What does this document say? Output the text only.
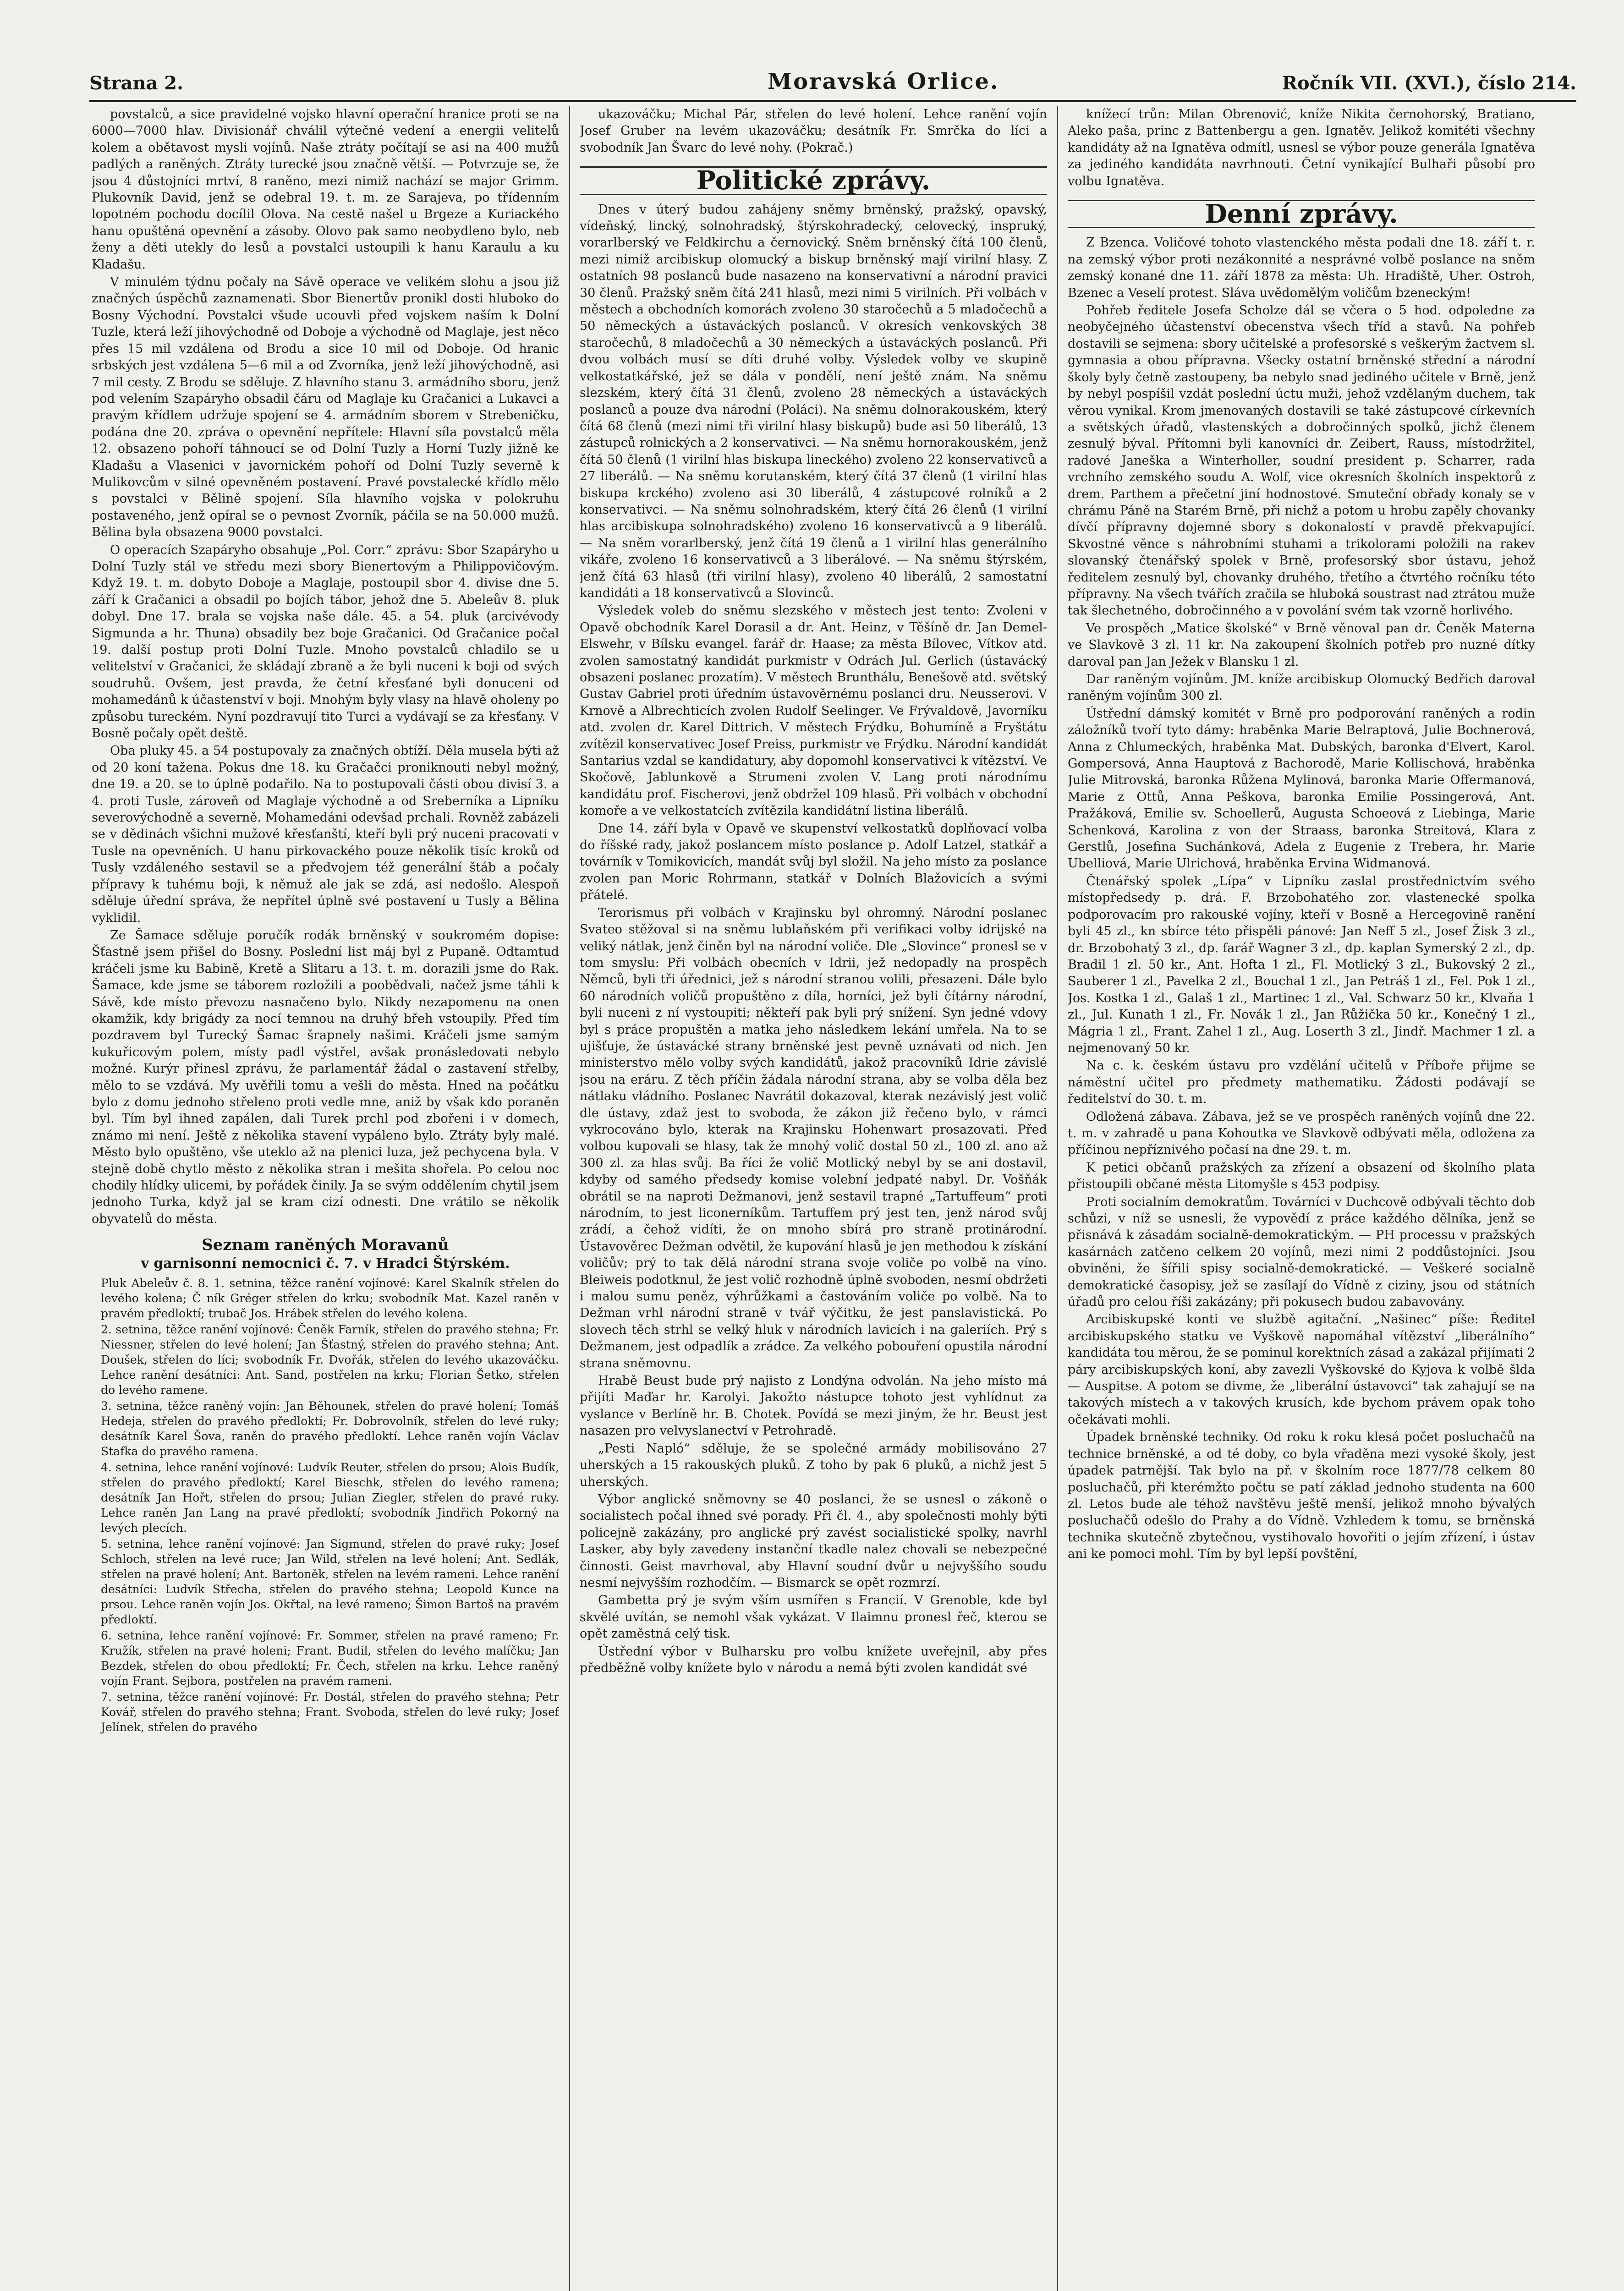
Strana 2.	Moravská Orlice.	Ročník VII. (XVI.), číslo 214.

povstalců, a sice pravidelné vojsko hlavní operační hranice proti se na 6000—7000 hlav. Divisionář chválil výtečné vedení a energii velitelů kolem a obětavost mysli vojínů. Naše ztráty počítají se asi na 400 mužů padlých a raněných. Ztráty turecké jsou značně větší. — Potvrzuje se, že jsou 4 důstojníci mrtví, 8 raněno, mezi nimiž nachází se major Grimm. Plukovník David, jenž se odebral 19. t. m. ze Sarajeva, po třídenním lopotném pochodu docílil Olova. Na cestě našel u Brgeze a Kuriackého hanu opuštěná opevnění a zásoby. Olovo pak samo neobydleno bylo, neb ženy a děti utekly do lesů a povstalci ustoupili k hanu Karaulu a ku Kladašu.

V minulém týdnu počaly na Sávě operace ve velikém slohu a jsou již značných úspěchů zaznamenati. Sbor Bienertův pronikl dosti hluboko do Bosny Východní. Povstalci všude ucouvli před vojskem naším k Dolní Tuzle, která leží jihovýchodně od Doboje a východně od Maglaje, jest něco přes 15 mil vzdálena od Brodu a sice 10 mil od Doboje. Od hranic srbských jest vzdálena 5—6 mil a od Zvorníka, jenž leží jihovýchodně, asi 7 mil cesty. Z Brodu se sděluje. Z hlavního stanu 3. armádního sboru, jenž pod velením Szapáryho obsadil čáru od Maglaje ku Gračanici a Lukavci a pravým křídlem udržuje spojení se 4. armádním sborem v Strebeničku, podána dne 20. zpráva o opevnění nepřítele: Hlavní síla povstalců měla 12. obsazeno pohoří táhnoucí se od Dolní Tuzly a Horní Tuzly jižně ke Kladašu a Vlasenici v javornickém pohoří od Dolní Tuzly severně k Mulikovcům v silné opevněném postavení. Pravé povstalecké křídlo mělo s povstalci v Bělině spojení. Síla hlavního vojska v polokruhu postaveného, jenž opíral se o pevnost Zvorník, páčila se na 50.000 mužů. Bělina byla obsazena 9000 povstalci.

O operacích Szapáryho obsahuje „Pol. Corr.“ zprávu: Sbor Szapáryho u Dolní Tuzly stál ve středu mezi sbory Bienertovým a Philippovičovým. Když 19. t. m. dobyto Doboje a Maglaje, postoupil sbor 4. divise dne 5. září k Gračanici a obsadil po bojích tábor, jehož dne 5. Abeleův 8. pluk dobyl. Dne 17. brala se vojska naše dále. 45. a 54. pluk (arcivévody Sigmunda a hr. Thuna) obsadily bez boje Gračanici. Od Gračanice počal 19. další postup proti Dolní Tuzle. Mnoho povstalců chladilo se u velitelství v Gračanici, že skládají zbraně a že byli nuceni k boji od svých soudruhů. Ovšem, jest pravda, že četní křesťané byli donuceni od mohamedánů k účastenství v boji. Mnohým byly vlasy na hlavě oholeny po způsobu tureckém. Nyní pozdravují tito Turci a vydávají se za křesťany. V Bosně počaly opět deště.

Oba pluky 45. a 54 postupovaly za značných obtíží. Děla musela býti až od 20 koní tažena. Pokus dne 18. ku Gračačci proniknouti nebyl možný, dne 19. a 20. se to úplně podařilo. Na to postupovali části obou divisí 3. a 4. proti Tusle, zároveň od Maglaje východně a od Sreberníka a Lipníku severovýchodně a severně. Mohamedáni odevšad prchali. Rovněž zabázeli se v dědinách všichni mužové křesťanští, kteří byli prý nuceni pracovati v Tusle na opevněních. U hanu pirkovackého pouze několik tisíc kroků od Tusly vzdáleného sestavil se a předvojem též generální štáb a počaly přípravy k tuhému boji, k němuž ale jak se zdá, asi nedošlo. Alespoň sděluje úřední správa, že nepřítel úplně své postavení u Tusly a Bělina vyklidil.

Ze Šamace sděluje poručík rodák brněnský v soukromém dopise: Šťastně jsem přišel do Bosny. Poslední list máj byl z Pupaně. Odtamtud kráčeli jsme ku Babině, Kretě a Slitaru a 13. t. m. dorazili jsme do Rak. Šamace, kde jsme se táborem rozložili a poobědvali, načež jsme táhli k Sávě, kde místo převozu nasnačeno bylo. Nikdy nezapomenu na onen okamžik, kdy brigády za nocí temnou na druhý břeh vstoupily. Před tím pozdravem byl Turecký Šamac šrapnely našimi. Kráčeli jsme samým kukuřicovým polem, místy padl výstřel, avšak pronásledovati nebylo možné. Kurýr přinesl zprávu, že parlamentář žádal o zastavení střelby, mělo to se vzdává. My uvěřili tomu a vešli do města. Hned na počátku bylo z domu jednoho střeleno proti vedle mne, aniž by však kdo poraněn byl. Tím byl ihned zapálen, dali Turek prchl pod zbořeni i v domech, známo mi není. Ještě z několika stavení vypáleno bylo. Ztráty byly malé. Město bylo opuštěno, vše uteklo až na plenici luza, jež pechycena byla. V stejně době chytlo město z několika stran i mešita shořela. Po celou noc chodily hlídky ulicemi, by pořádek činily. Ja se svým oddělením chytil jsem jednoho Turka, když jal se kram cizí odnesti. Dne vrátilo se několik obyvatelů do města.

Seznam raněných Moravanů
v garnisonní nemocnici č. 7. v Hradci Štýrském.

Pluk Abeleův č. 8. 1. setnina, těžce ranění vojínové: Karel Skalník střelen do levého kolena; Č ník Gréger střelen do krku; svobodník Mat. Kazel raněn v pravém předloktí; trubač Jos. Hrábek střelen do levého kolena.

2. setnina, těžce ranění vojínové: Čeněk Farník, střelen do pravého stehna; Fr. Niessner, střelen do levé holení; Jan Šťastný, střelen do pravého stehna; Ant. Doušek, střelen do líci; svobodník Fr. Dvořák, střelen do levého ukazováčku. Lehce ranění desátníci: Ant. Sand, postřelen na krku; Florian Šetko, střelen do levého ramene.

3. setnina, těžce raněný vojín: Jan Běhounek, střelen do pravé holení; Tomáš Hedeja, střelen do pravého předloktí; Fr. Dobrovolník, střelen do levé ruky; desátník Karel Šova, raněn do pravého předloktí. Lehce raněn vojín Václav Stafka do pravého ramena.

4. setnina, lehce ranění vojínové: Ludvík Reuter, střelen do prsou; Alois Budík, střelen do pravého předloktí; Karel Bieschk, střelen do levého ramena; desátník Jan Hořt, střelen do prsou; Julian Ziegler, střelen do pravé ruky. Lehce raněn Jan Lang na pravé předloktí; svobodník Jindřich Pokorný na levých plecích.

5. setnina, lehce ranění vojínové: Jan Sigmund, střelen do pravé ruky; Josef Schloch, střelen na levé ruce; Jan Wild, střelen na levé holení; Ant. Sedlák, střelen na pravé holení; Ant. Bartoněk, střelen na levém rameni. Lehce ranění desátníci: Ludvík Střecha, střelen do pravého stehna; Leopold Kunce na prsou. Lehce raněn vojín Jos. Okřtal, na levé rameno; Šimon Bartoš na pravém předloktí.

6. setnina, lehce ranění vojínové: Fr. Sommer, střelen na pravé rameno; Fr. Kružík, střelen na pravé holeni; Frant. Budil, střelen do levého malíčku; Jan Bezdek, střelen do obou předloktí; Fr. Čech, střelen na krku. Lehce raněný vojín Frant. Sejbora, postřelen na pravém rameni.

7. setnina, těžce ranění vojínové: Fr. Dostál, střelen do pravého stehna; Petr Kovář, střelen do pravého stehna; Frant. Svoboda, střelen do levé ruky; Josef Jelínek, střelen do pravého

ukazováčku; Michal Pár, střelen do levé holení. Lehce ranění vojín Josef Gruber na levém ukazováčku; desátník Fr. Smrčka do líci a svobodník Jan Švarc do levé nohy. (Pokrač.)

Politické zprávy.

Dnes v úterý budou zahájeny sněmy brněnský, pražský, opavský, vídeňský, lincký, solnohradský, štýrskohradecký, celovecký, inspruký, vorarlberský ve Feldkirchu a černovický. Sněm brněnský čítá 100 členů, mezi nimiž arcibiskup olomucký a biskup brněnský mají virilní hlasy. Z ostatních 98 poslanců bude nasazeno na konservativní a národní pravici 30 členů. Pražský sněm čítá 241 hlasů, mezi nimi 5 virilních. Při volbách v městech a obchodních komorách zvoleno 30 staročechů a 5 mladočechů a 50 německých a ústaváckých poslanců. V okresích venkovských 38 staročechů, 8 mladočechů a 30 německých a ústaváckých poslanců. Při dvou volbách musí se díti druhé volby. Výsledek volby ve skupině velkostatkářské, jež se dála v pondělí, není ještě znám. Na sněmu slezském, který čítá 31 členů, zvoleno 28 německých a ústaváckých poslanců a pouze dva národní (Poláci). Na sněmu dolnorakouském, který čítá 68 členů (mezi nimi tři virilní hlasy biskupů) bude asi 50 liberálů, 13 zástupců rolnických a 2 konservativci. — Na sněmu hornorakouském, jenž čítá 50 členů (1 virilní hlas biskupa lineckého) zvoleno 22 konservativců a 27 liberálů. — Na sněmu korutanském, který čítá 37 členů (1 virilní hlas biskupa krckého) zvoleno asi 30 liberálů, 4 zástupcové rolníků a 2 konservativci. — Na sněmu solnohradském, který čítá 26 členů (1 virilní hlas arcibiskupa solnohradského) zvoleno 16 konservativců a 9 liberálů. — Na sněm vorarlberský, jenž čítá 19 členů a 1 virilní hlas generálního vikáře, zvoleno 16 konservativců a 3 liberálové. — Na sněmu štýrském, jenž čítá 63 hlasů (tři virilní hlasy), zvoleno 40 liberálů, 2 samostatní kandidáti a 18 konservativců a Slovinců.

Výsledek voleb do sněmu slezského v městech jest tento: Zvoleni v Opavě obchodník Karel Dorasil a dr. Ant. Heinz, v Těšíně dr. Jan Demel-Elswehr, v Bílsku evangel. farář dr. Haase; za města Bílovec, Vítkov atd. zvolen samostatný kandidát purkmistr v Odrách Jul. Gerlich (ústavácký obsazeni poslanec prozatím). V městech Brunthálu, Benešově atd. světský Gustav Gabriel proti úředním ústavověrnému poslanci dru. Neusserovi. V Krnově a Albrechticích zvolen Rudolf Seelinger. Ve Frývaldově, Javorníku atd. zvolen dr. Karel Dittrich. V městech Frýdku, Bohumíně a Fryštátu zvítězil konservativec Josef Preiss, purkmistr ve Frýdku. Národní kandidát Santarius vzdal se kandidatury, aby dopomohl konservativci k vítězství. Ve Skočově, Jablunkově a Strumeni zvolen V. Lang proti národnímu kandidátu prof. Fischerovi, jenž obdržel 109 hlasů. Při volbách v obchodní komoře a ve velkostatcích zvítězila kandidátní listina liberálů.

Dne 14. září byla v Opavě ve skupenství velkostatků doplňovací volba do říšské rady, jakož poslancem místo poslance p. Adolf Latzel, statkář a továrník v Tomikovicích, mandát svůj byl složil. Na jeho místo za poslance zvolen pan Moric Rohrmann, statkář v Dolních Blažovicích a svými přátelé.

Terorismus při volbách v Krajinsku byl ohromný. Národní poslanec Svateo stěžoval si na sněmu lublaňském při verifikaci volby idrijské na veliký nátlak, jenž činěn byl na národní voliče. Dle „Slovince“ pronesl se v tom smyslu: Při volbách obecních v Idrii, jež nedopadly na prospěch Němců, byli tři úřednici, jež s národní stranou volili, přesazeni. Dále bylo 60 národních voličů propuštěno z díla, horníci, jež byli čítárny národní, byli nuceni z ní vystoupiti; někteří pak byli prý snížení. Syn jedné vdovy byl s práce propuštěn a matka jeho následkem lekání umřela. Na to se ujišťuje, že ústavácké strany brněnské jest pevně uznávati od nich. Jen ministerstvo mělo volby svých kandidátů, jakož pracovníků Idrie závislé jsou na eráru. Z těch příčin žádala národní strana, aby se volba děla bez nátlaku vládního. Poslanec Navrátil dokazoval, kterak nezávislý jest volič dle ústavy, zdaž jest to svoboda, že zákon již řečeno bylo, v rámci vykrocováno bylo, kterak na Krajinsku Hohenwart prosazovati. Před volbou kupovali se hlasy, tak že mnohý volič dostal 50 zl., 100 zl. ano až 300 zl. za hlas svůj. Ba říci že volič Motlický nebyl by se ani dostavil, kdyby od samého předsedy komise volební jedpaté nabyl. Dr. Vošňák obrátil se na naproti Dežmanovi, jenž sestavil trapné „Tartuffeum“ proti národním, to jest liconerníkům. Tartuffem prý jest ten, jenž národ svůj zrádí, a čehož vidíti, že on mnoho sbírá pro straně protinárodní. Ústavověrec Dežman odvětil, že kupování hlasů je jen methodou k získání voličův; prý to tak dělá národní strana svoje voliče po volbě na víno. Bleiweis podotknul, že jest volič rozhodně úplně svoboden, nesmí obdržeti i malou sumu peněz, výhrůžkami a častováním voliče po volbě. Na to Dežman vrhl národní straně v tvář výčitku, že jest panslavistická. Po slovech těch strhl se velký hluk v národních lavicích i na galeriích. Prý s Dežmanem, jest odpadlík a zrádce. Za velkého pobouření opustila národní strana sněmovnu.

Hrabě Beust bude prý najisto z Londýna odvolán. Na jeho místo má přijíti Maďar hr. Karolyi. Jakožto nástupce tohoto jest vyhlídnut za vyslance v Berlíně hr. B. Chotek. Povídá se mezi jiným, že hr. Beust jest nasazen pro velvyslanectví v Petrohradě.

„Pesti Napló“ sděluje, že se společné armády mobilisováno 27 uherských a 15 rakouských pluků. Z toho by pak 6 pluků, a nichž jest 5 uherských.

Výbor anglické sněmovny se 40 poslanci, že se usnesl o zákoně o socialistech počal ihned své porady. Při čl. 4., aby společnosti mohly býti policejně zakázány, pro anglické prý zavést socialistické spolky, navrhl Lasker, aby byly zavedeny instanční tkadle nalez chovali se nebezpečné činnosti. Geist mavrhoval, aby Hlavní soudní dvůr u nejvyššího soudu nesmí nejvyšším rozhodčím. — Bismarck se opět rozmrzí.

Gambetta prý je svým vším usmířen s Francií. V Grenoble, kde byl skvělé uvítán, se nemohl však vykázat. V Ilaimnu pronesl řeč, kterou se opět zaměstná celý tisk.

Ústřední výbor v Bulharsku pro volbu knížete uveřejnil, aby přes předběžně volby knížete bylo v národu a nemá býti zvolen kandidát své

knížecí trůn: Milan Obrenović, kníže Nikita černohorský, Bratiano, Aleko paša, princ z Battenbergu a gen. Ignatěv. Jelikož komitéti všechny kandidáty až na Ignatěva odmítl, usnesl se výbor pouze generála Ignatěva za jediného kandidáta navrhnouti. Četní vynikající Bulhaři působí pro volbu Ignatěva.

Denní zprávy.

Z Bzenca. Voličové tohoto vlastenckého města podali dne 18. září t. r. na zemský výbor proti nezákonnité a nesprávné volbě poslance na sněm zemský konané dne 11. září 1878 za města: Uh. Hradiště, Uher. Ostroh, Bzenec a Veselí protest. Sláva uvědomělým voličům bzeneckým!

Pohřeb ředitele Josefa Scholze dál se včera o 5 hod. odpoledne za neobyčejného účastenství obecenstva všech tříd a stavů. Na pohřeb dostavili se sejmena: sbory učitelské a profesorské s veškerým žactvem sl. gymnasia a obou přípravna. Všecky ostatní brněnské střední a národní školy byly četně zastoupeny, ba nebylo snad jediného učitele v Brně, jenž by nebyl pospíšil vzdát poslední úctu muži, jehož vzdělaným duchem, tak věrou vynikal. Krom jmenovaných dostavili se také zástupcové církevních a světských úřadů, vlastenských a dobročinných spolků, jichž členem zesnulý býval. Přítomni byli kanovníci dr. Zeibert, Rauss, místodržitel, radové Janeška a Winterholler, soudní president p. Scharrer, rada vrchního zemského soudu A. Wolf, vice okresních školních inspektorů z drem. Parthem a přečetní jiní hodnostové. Smuteční obřady konaly se v chrámu Páně na Starém Brně, při nichž a potom u hrobu zapěly chovanky dívčí přípravny dojemné sbory s dokonalostí v pravdě překvapující. Skvostné věnce s náhrobními stuhami a trikolorami položili na rakev slovanský čtenářský spolek v Brně, profesorský sbor ústavu, jehož ředitelem zesnulý byl, chovanky druhého, třetího a čtvrtého ročníku této přípravny. Na všech tvářích zračila se hluboká soustrast nad ztrátou muže tak šlechetného, dobročinného a v povolání svém tak vzorně horlivého.

Ve prospěch „Matice školské“ v Brně věnoval pan dr. Čeněk Materna ve Slavkově 3 zl. 11 kr. Na zakoupení školních potřeb pro nuzné dítky daroval pan Jan Ježek v Blansku 1 zl.

Dar raněným vojínům. JM. kníže arcibiskup Olomucký Bedřich daroval raněným vojínům 300 zl.

Ústřední dámský komitét v Brně pro podporování raněných a rodin záložníků tvoří tyto dámy: hraběnka Marie Belraptová, Julie Bochnerová, Anna z Chlumeckých, hraběnka Mat. Dubských, baronka d'Elvert, Karol. Gompersová, Anna Hauptová z Bachorodě, Marie Kollischová, hraběnka Julie Mitrovská, baronka Růžena Mylinová, baronka Marie Offermanová, Marie z Ottů, Anna Peškova, baronka Emilie Possingerová, Ant. Pražáková, Emilie sv. Schoellerů, Augusta Schoeová z Liebinga, Marie Schenková, Karolina z von der Straass, baronka Streitová, Klara z Gerstlů, Josefina Suchánková, Adela z Eugenie z Trebera, hr. Marie Ubelliová, Marie Ulrichová, hraběnka Ervina Widmanová.

Čtenářský spolek „Lípa“ v Lipníku zaslal prostřednictvím svého místopředsedy p. drá. F. Brzobohatého zor. vlastenecké spolka podporovacím pro rakouské vojíny, kteří v Bosně a Hercegovině ranění byli 45 zl., kn sbírce této přispěli pánové: Jan Neff 5 zl., Josef Žisk 3 zl., dr. Brzobohatý 3 zl., dp. farář Wagner 3 zl., dp. kaplan Symerský 2 zl., dp. Bradil 1 zl. 50 kr., Ant. Hofta 1 zl., Fl. Motlický 3 zl., Bukovský 2 zl., Sauberer 1 zl., Pavelka 2 zl., Bouchal 1 zl., Jan Petráš 1 zl., Fel. Pok 1 zl., Jos. Kostka 1 zl., Galaš 1 zl., Martinec 1 zl., Val. Schwarz 50 kr., Klvaňa 1 zl., Jul. Kunath 1 zl., Fr. Novák 1 zl., Jan Růžička 50 kr., Konečný 1 zl., Mágria 1 zl., Frant. Zahel 1 zl., Aug. Loserth 3 zl., Jindř. Machmer 1 zl. a nejmenovaný 50 kr.

Na c. k. českém ústavu pro vzdělání učitelů v Příboře přijme se náměstní učitel pro předmety mathematiku. Žádosti podávají se ředitelství do 30. t. m.

Odložená zábava. Zábava, jež se ve prospěch raněných vojínů dne 22. t. m. v zahradě u pana Kohoutka ve Slavkově odbývati měla, odložena za příčinou nepříznivého počasí na dne 29. t. m.

K petici občanů pražských za zřízení a obsazení od školního plata přistoupili občané města Litomyšle s 453 podpisy.

Proti socialním demokratům. Továrníci v Duchcově odbývali těchto dob schůzi, v níž se usnesli, že vypovědí z práce každého dělníka, jenž se přisnává k zásadám socialně-demokratickým. — PH processu v pražských kasárnách zatčeno celkem 20 vojínů, mezi nimi 2 poddůstojníci. Jsou obviněni, že šířili spisy socialně-demokratické. — Veškeré socialně demokratické časopisy, jež se zasílají do Vídně z ciziny, jsou od státních úřadů pro celou říši zakázány; při pokusech budou zabavovány.

Arcibiskupské konti ve službě agitační. „Našinec“ píše: Ředitel arcibiskupského statku ve Vyškově napomáhal vítězství „liberálního“ kandidáta tou měrou, že se pominul korektních zásad a zakázal přijímati 2 páry arcibiskupských koní, aby zavezli Vyškovské do Kyjova k volbě šlda — Auspitse. A potom se divme, že „liberální ústavovci“ tak zahajují se na takových místech a v takových krusích, kde bychom právem opak toho očekávati mohli.

Úpadek brněnské techniky. Od roku k roku klesá počet posluchačů na technice brněnské, a od té doby, co byla vřaděna mezi vysoké školy, jest úpadek patrnější. Tak bylo na př. v školním roce 1877/78 celkem 80 posluchačů, při kterémžto počtu se patí základ jednoho studenta na 600 zl. Letos bude ale téhož navštěvu ještě menší, jelikož mnoho bývalých posluchačů odešlo do Prahy a do Vídně. Vzhledem k tomu, se brněnská technika skutečně zbytečnou, vystihovalo hovořiti o jejím zřízení, i ústav ani ke pomoci mohl. Tím by byl lepší povštění,
